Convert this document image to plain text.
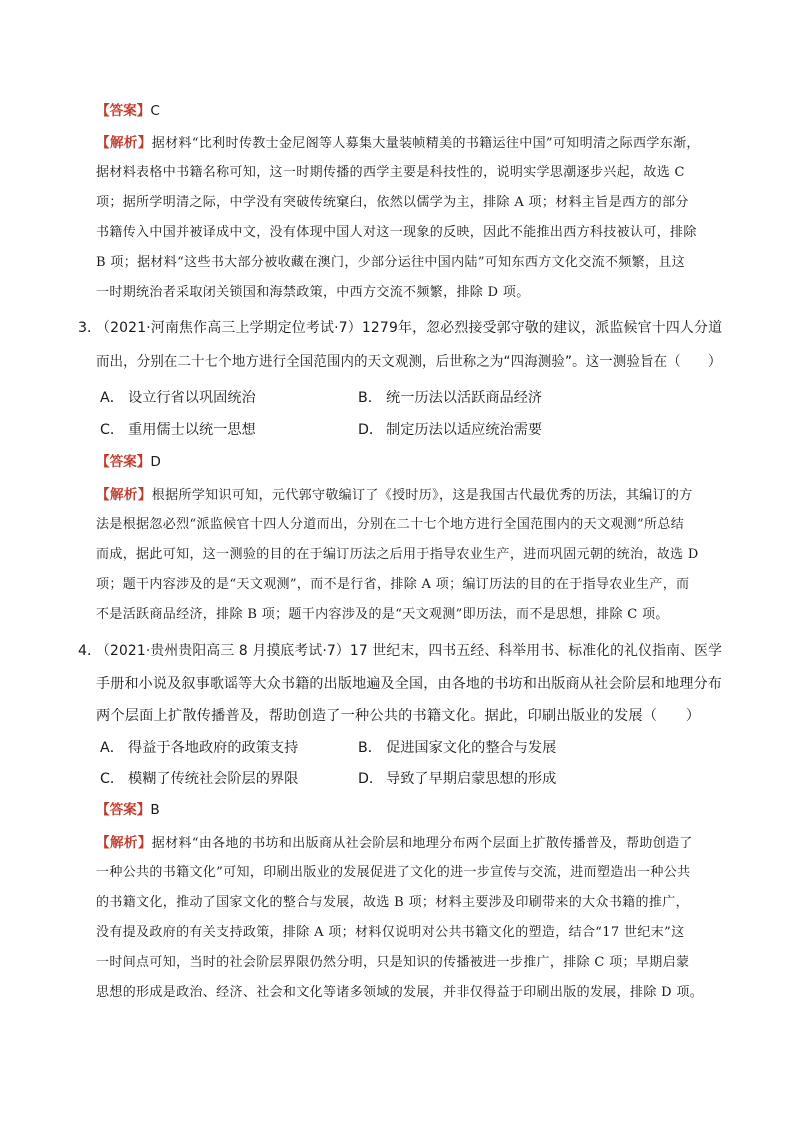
【答案】C
【解析】据材料“比利时传教士金尼阁等人募集大量装帧精美的书籍运往中国”可知明清之际西学东渐，
据材料表格中书籍名称可知，这一时期传播的西学主要是科技性的，说明实学思潮逐步兴起，故选 C
项；据所学明清之际，中学没有突破传统窠臼，依然以儒学为主，排除 A 项；材料主旨是西方的部分
书籍传入中国并被译成中文，没有体现中国人对这一现象的反映，因此不能推出西方科技被认可，排除
B 项；据材料“这些书大部分被收藏在澳门，少部分运往中国内陆”可知东西方文化交流不频繁，且这
一时期统治者采取闭关锁国和海禁政策，中西方交流不频繁，排除 D 项。
3．
（2021·河南焦作高三上学期定位考试·7）1279年，忽必烈接受郭守敬的建议，派监候官十四人分道
而出，分别在二十七个地方进行全国范围内的天文观测，后世称之为“四海测验”。这一测验旨在（　　）
A． 设立行省以巩固统治	B． 统一历法以活跃商品经济
C． 重用儒士以统一思想	D． 制定历法以适应统治需要
【答案】D
【解析】根据所学知识可知，元代郭守敬编订了《授时历》，这是我国古代最优秀的历法，其编订的方
法是根据忽必烈“派监候官十四人分道而出，分别在二十七个地方进行全国范围内的天文观测”所总结
而成，据此可知，这一测验的目的在于编订历法之后用于指导农业生产，进而巩固元朝的统治，故选 D
项；题干内容涉及的是“天文观测”，而不是行省，排除 A 项；编订历法的目的在于指导农业生产，而
不是活跃商品经济，排除 B 项；题干内容涉及的是“天文观测”即历法，而不是思想，排除 C 项。
4．
（2021·贵州贵阳高三 8 月摸底考试·7）17 世纪末，四书五经、科举用书、标准化的礼仪指南、医学
手册和小说及叙事歌谣等大众书籍的出版地遍及全国，由各地的书坊和出版商从社会阶层和地理分布
两个层面上扩散传播普及，帮助创造了一种公共的书籍文化。据此，印刷出版业的发展（　　）
A． 得益于各地政府的政策支持	B． 促进国家文化的整合与发展
C． 模糊了传统社会阶层的界限	D． 导致了早期启蒙思想的形成
【答案】B
【解析】据材料“由各地的书坊和出版商从社会阶层和地理分布两个层面上扩散传播普及，帮助创造了
一种公共的书籍文化”可知，印刷出版业的发展促进了文化的进一步宣传与交流，进而塑造出一种公共
的书籍文化，推动了国家文化的整合与发展，故选 B 项；材料主要涉及印刷带来的大众书籍的推广，
没有提及政府的有关支持政策，排除 A 项；材料仅说明对公共书籍文化的塑造，结合“17 世纪末”这
一时间点可知，当时的社会阶层界限仍然分明，只是知识的传播被进一步推广，排除 C 项；早期启蒙
思想的形成是政治、经济、社会和文化等诸多领域的发展，并非仅得益于印刷出版的发展，排除 D 项。
